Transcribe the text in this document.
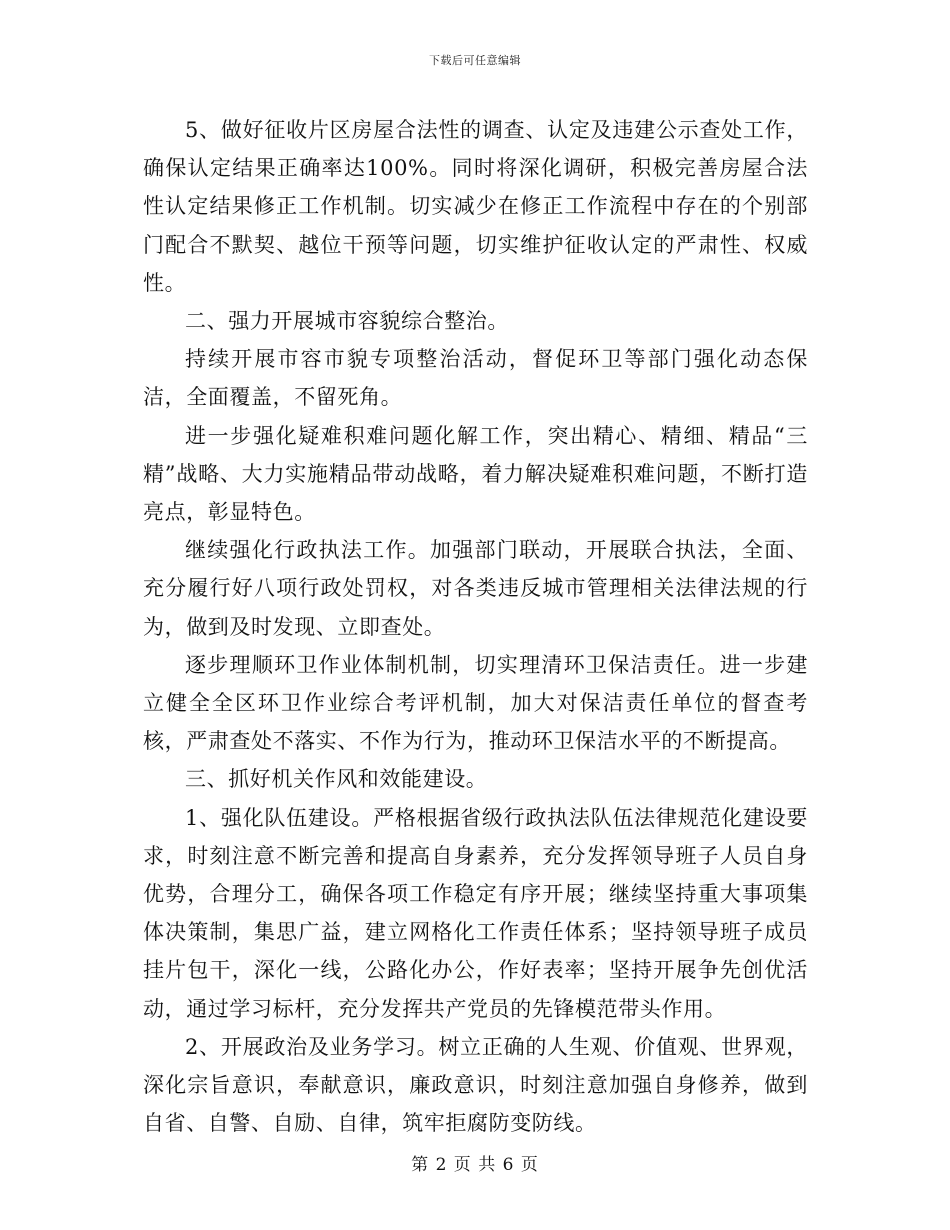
下载后可任意编辑

5、做好征收片区房屋合法性的调查、认定及违建公示查处工作，确保认定结果正确率达100%。同时将深化调研，积极完善房屋合法性认定结果修正工作机制。切实减少在修正工作流程中存在的个别部门配合不默契、越位干预等问题，切实维护征收认定的严肃性、权威性。

二、强力开展城市容貌综合整治。

持续开展市容市貌专项整治活动，督促环卫等部门强化动态保洁，全面覆盖，不留死角。

进一步强化疑难积难问题化解工作，突出精心、精细、精品“三精”战略、大力实施精品带动战略，着力解决疑难积难问题，不断打造亮点，彰显特色。

继续强化行政执法工作。加强部门联动，开展联合执法，全面、充分履行好八项行政处罚权，对各类违反城市管理相关法律法规的行为，做到及时发现、立即查处。

逐步理顺环卫作业体制机制，切实理清环卫保洁责任。进一步建立健全全区环卫作业综合考评机制，加大对保洁责任单位的督查考核，严肃查处不落实、不作为行为，推动环卫保洁水平的不断提高。

三、抓好机关作风和效能建设。

1、强化队伍建设。严格根据省级行政执法队伍法律规范化建设要求，时刻注意不断完善和提高自身素养，充分发挥领导班子人员自身优势，合理分工，确保各项工作稳定有序开展；继续坚持重大事项集体决策制，集思广益，建立网格化工作责任体系；坚持领导班子成员挂片包干，深化一线，公路化办公，作好表率；坚持开展争先创优活动，通过学习标杆，充分发挥共产党员的先锋模范带头作用。

2、开展政治及业务学习。树立正确的人生观、价值观、世界观，深化宗旨意识，奉献意识，廉政意识，时刻注意加强自身修养，做到自省、自警、自励、自律，筑牢拒腐防变防线。

第 2 页 共 6 页
